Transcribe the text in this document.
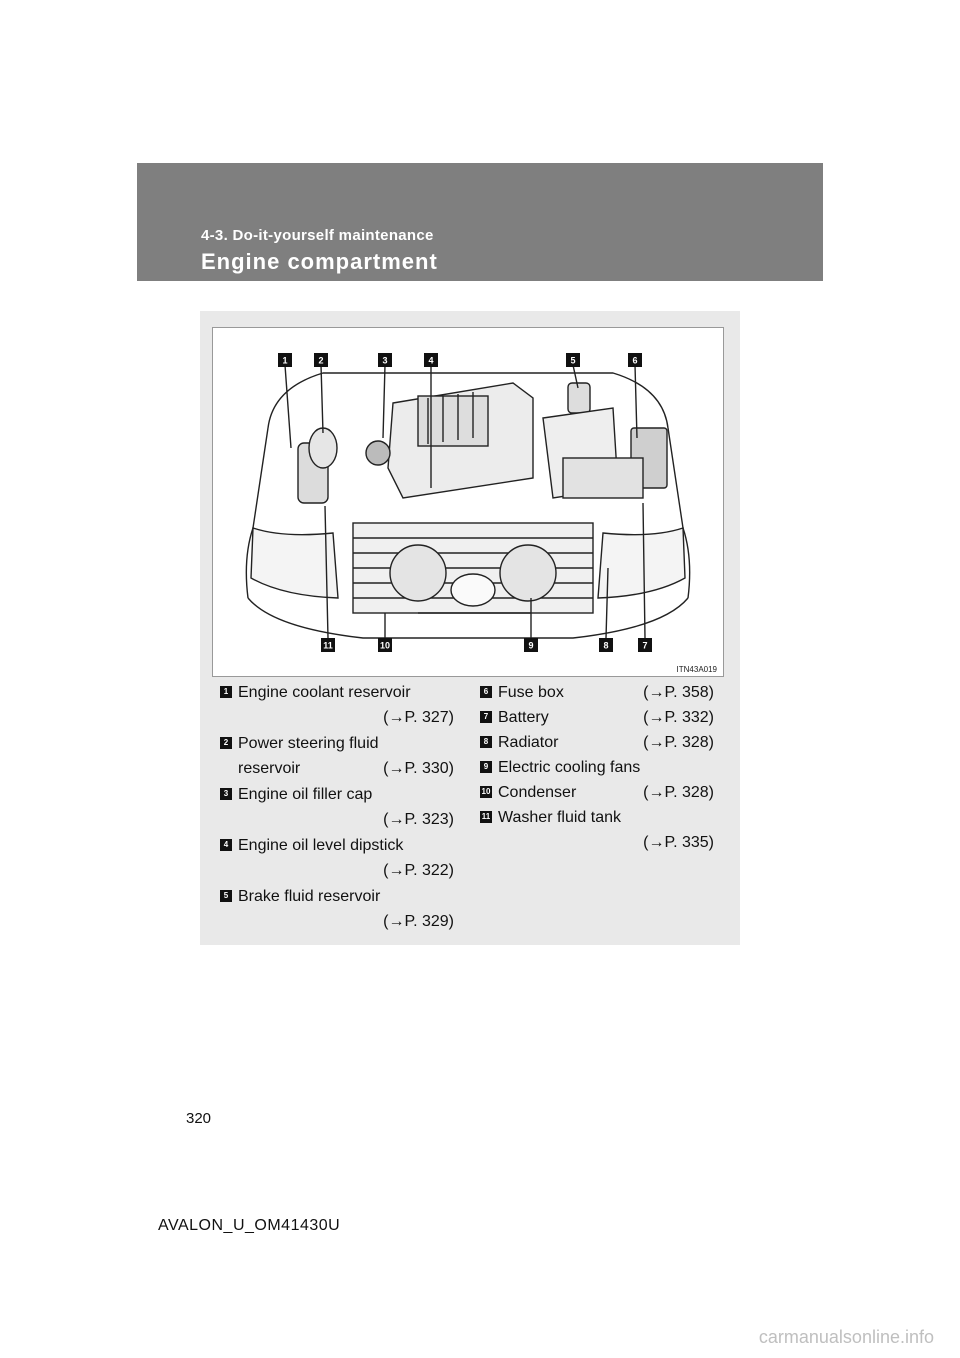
4-3. Do-it-yourself maintenance
Engine compartment
1	2	3	4	5	6
11	10	9	8	7
ITN43A019
1 Engine coolant reservoir
(→P. 327)
2 Power steering fluid
reservoir	(→P. 330)
3 Engine oil filler cap
(→P. 323)
4 Engine oil level dipstick
(→P. 322)
5 Brake fluid reservoir
(→P. 329)
6 Fuse box	(→P. 358)
7 Battery	(→P. 332)
8 Radiator	(→P. 328)
9 Electric cooling fans
10 Condenser	(→P. 328)
11 Washer fluid tank
(→P. 335)
320
AVALON_U_OM41430U
carmanualsonline.info
